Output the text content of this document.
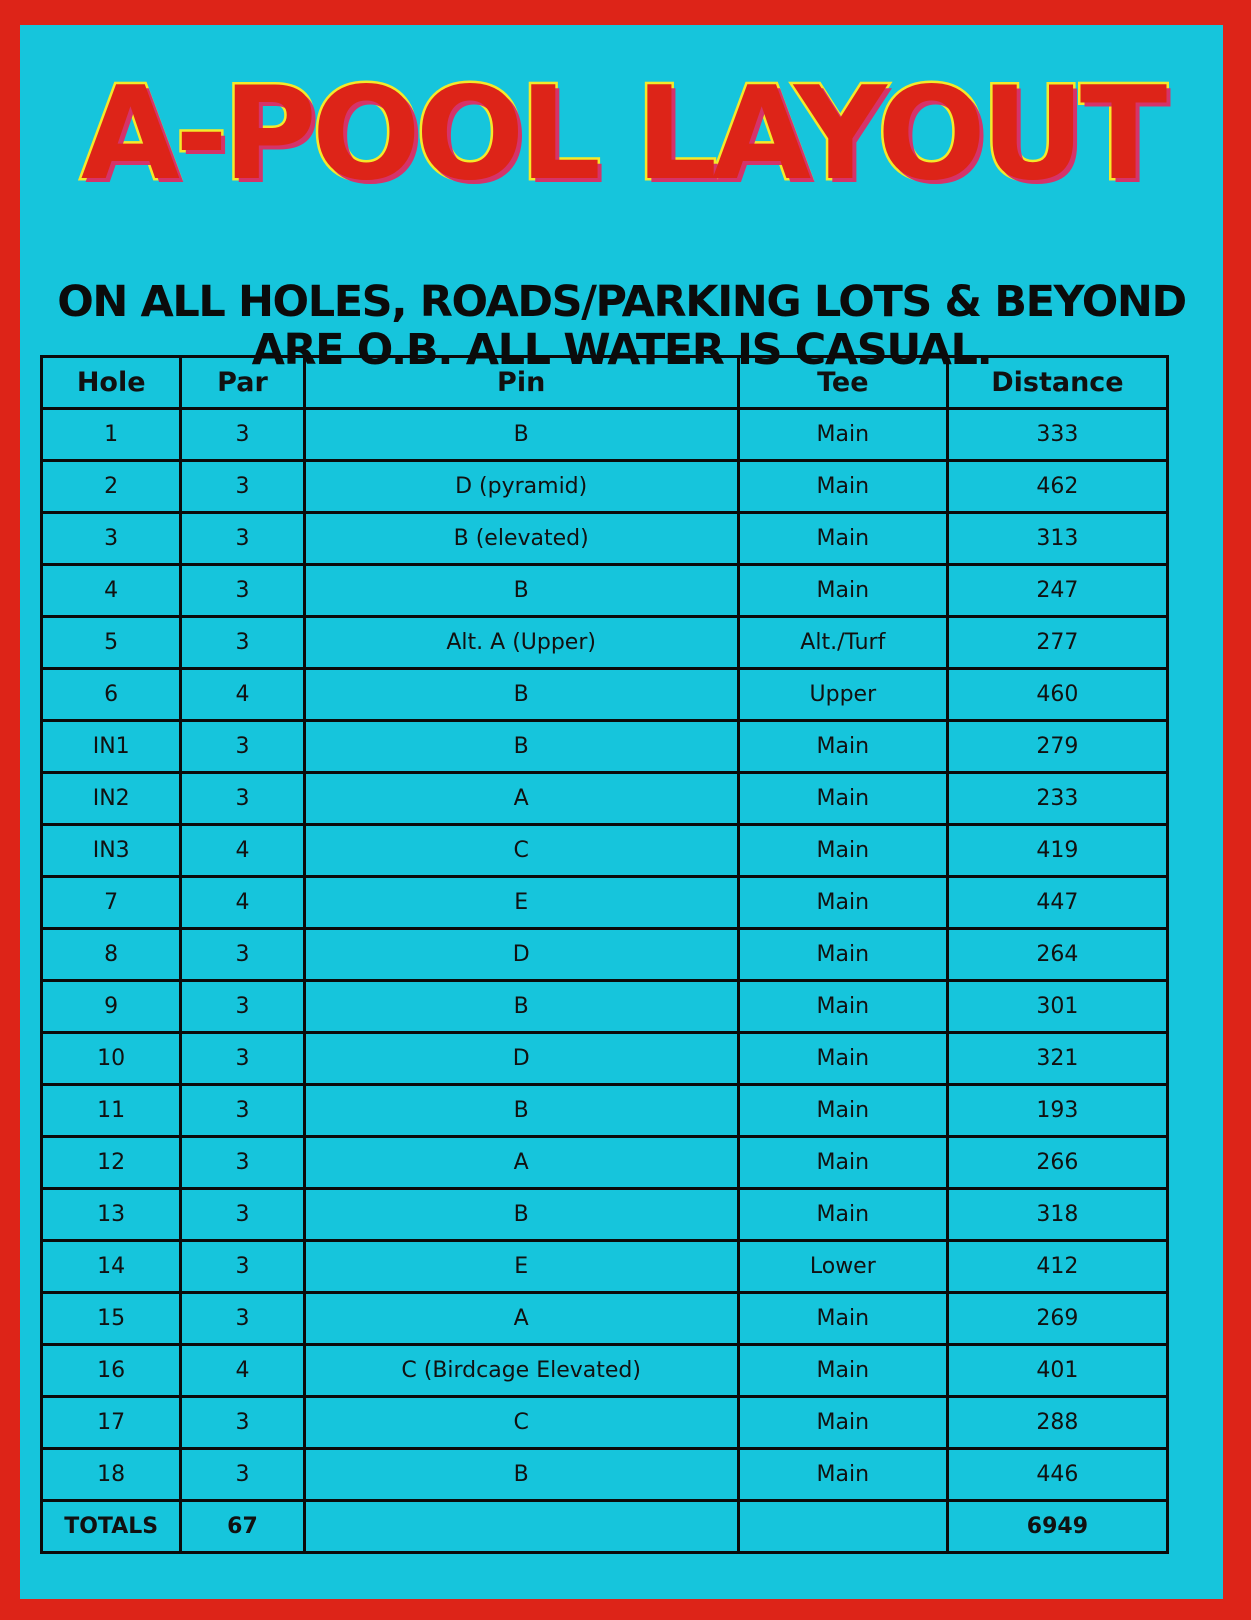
A-POOL LAYOUT
ON ALL HOLES, ROADS/PARKING LOTS & BEYOND
ARE O.B. ALL WATER IS CASUAL.
Hole	Par	Pin	Tee	Distance
1	3	B	Main	333
2	3	D (pyramid)	Main	462
3	3	B (elevated)	Main	313
4	3	B	Main	247
5	3	Alt. A (Upper)	Alt./Turf	277
6	4	B	Upper	460
IN1	3	B	Main	279
IN2	3	A	Main	233
IN3	4	C	Main	419
7	4	E	Main	447
8	3	D	Main	264
9	3	B	Main	301
10	3	D	Main	321
11	3	B	Main	193
12	3	A	Main	266
13	3	B	Main	318
14	3	E	Lower	412
15	3	A	Main	269
16	4	C (Birdcage Elevated)	Main	401
17	3	C	Main	288
18	3	B	Main	446
TOTALS	67			6949
